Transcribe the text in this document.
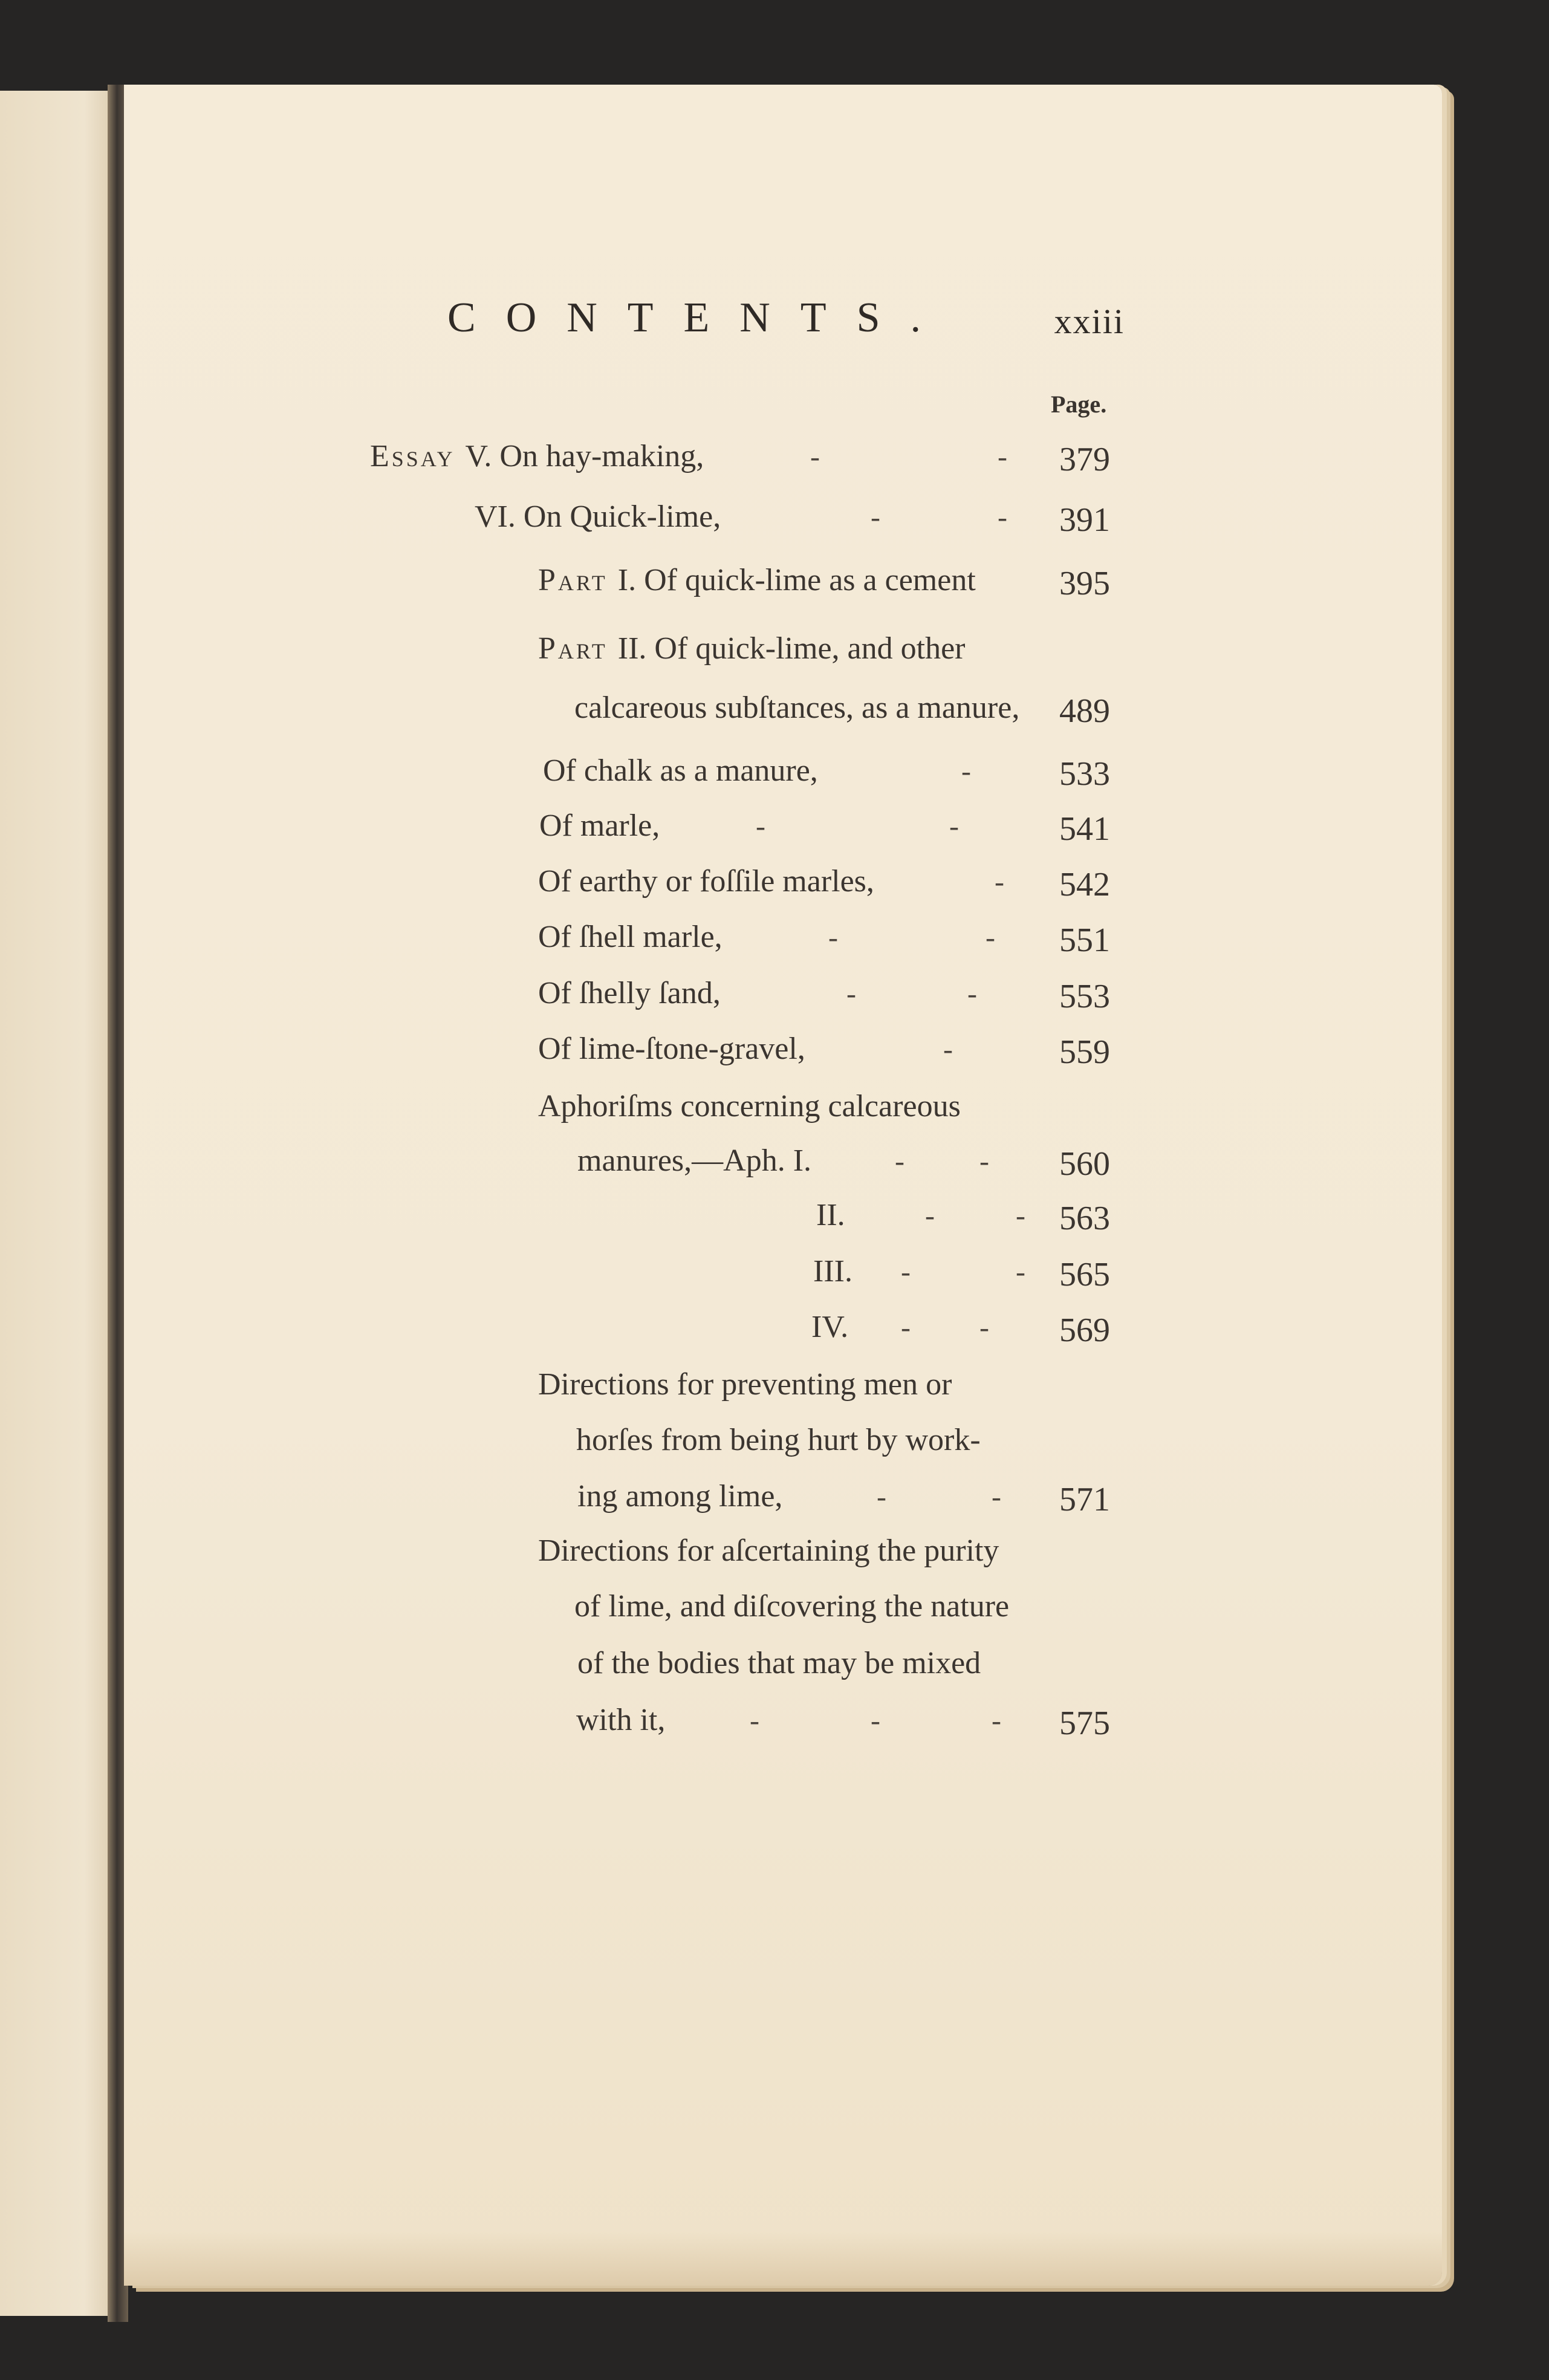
CONTENTS.	xxiii
Page.
Essay V. On hay-making,	-	- 379
VI. On Quick-lime,	-	- 391
Part I. Of quick-lime as a cement 395
Part II. Of quick-lime, and other
calcareous subſtances, as a manure, 489
Of chalk as a manure,	-	533
Of marle,	-	-	541
Of earthy or foſſile marles,	- 542
Of ſhell marle,	-	- 551
Of ſhelly ſand,	-	- 553
Of lime-ſtone-gravel,	-	559
Aphoriſms concerning calcareous
manures,—Aph. I.	-	- 560
II.	-	- 563
III. -	- 565
IV. - - 569
Directions for preventing men or
horſes from being hurt by work-
ing among lime,	-	- 571
Directions for aſcertaining the purity
of lime, and diſcovering the nature
of the bodies that may be mixed
with it,	-	-	- 575
